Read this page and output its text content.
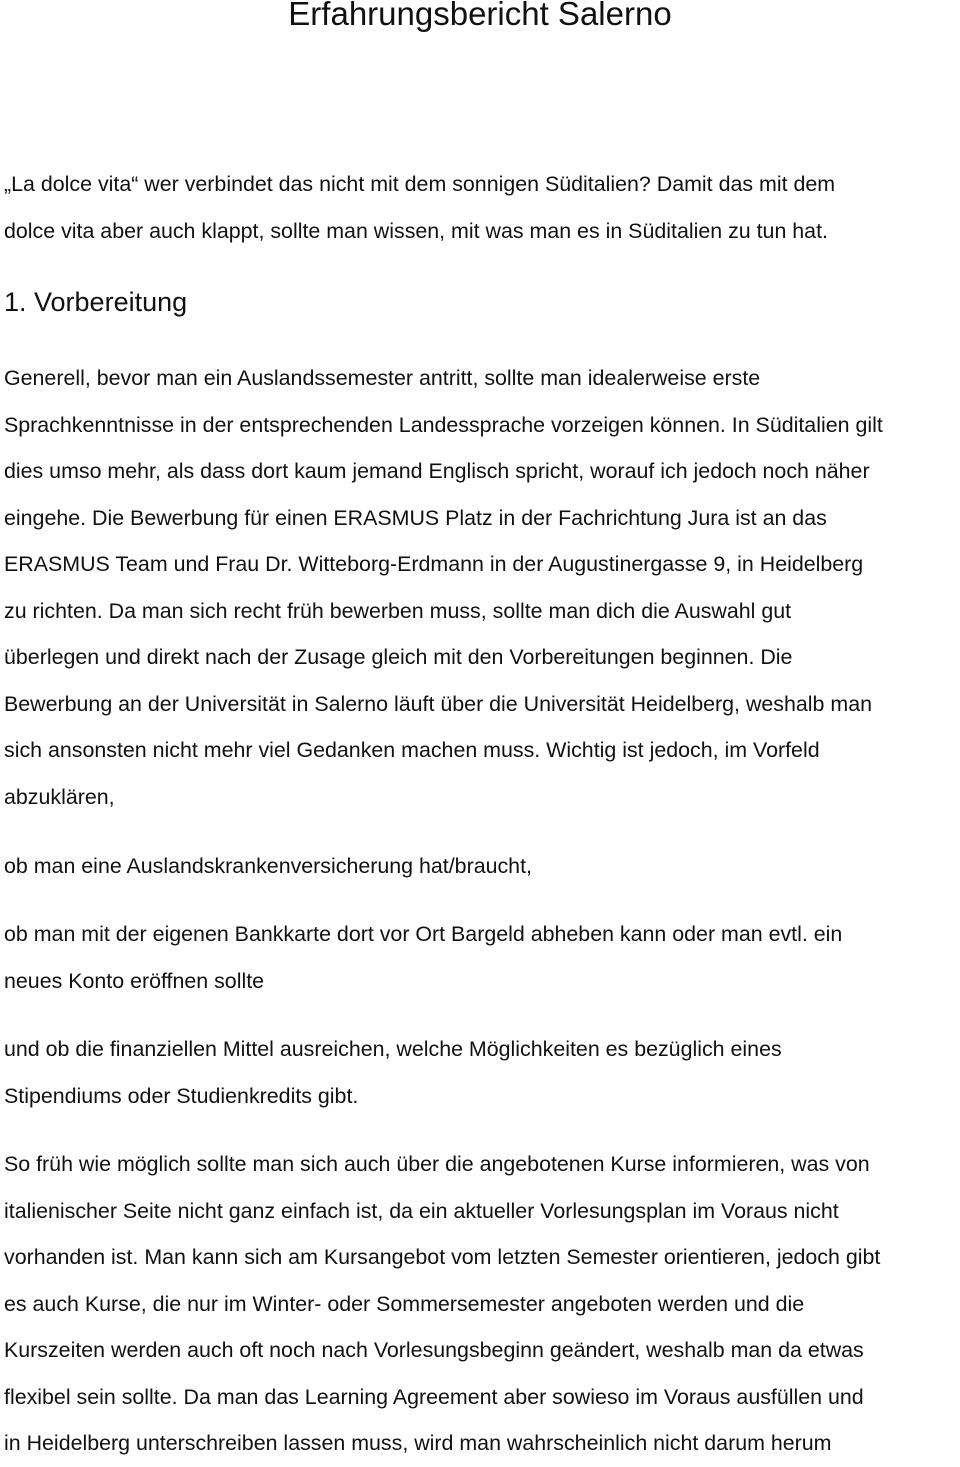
Erfahrungsbericht Salerno

„La dolce vita“ wer verbindet das nicht mit dem sonnigen Süditalien? Damit das mit dem
dolce vita aber auch klappt, sollte man wissen, mit was man es in Süditalien zu tun hat.

1. Vorbereitung

Generell, bevor man ein Auslandssemester antritt, sollte man idealerweise erste
Sprachkenntnisse in der entsprechenden Landessprache vorzeigen können. In Süditalien gilt
dies umso mehr, als dass dort kaum jemand Englisch spricht, worauf ich jedoch noch näher
eingehe. Die Bewerbung für einen ERASMUS Platz in der Fachrichtung Jura ist an das
ERASMUS Team und Frau Dr. Witteborg-Erdmann in der Augustinergasse 9, in Heidelberg
zu richten. Da man sich recht früh bewerben muss, sollte man dich die Auswahl gut
überlegen und direkt nach der Zusage gleich mit den Vorbereitungen beginnen. Die
Bewerbung an der Universität in Salerno läuft über die Universität Heidelberg, weshalb man
sich ansonsten nicht mehr viel Gedanken machen muss. Wichtig ist jedoch, im Vorfeld
abzuklären,

ob man eine Auslandskrankenversicherung hat/braucht,

ob man mit der eigenen Bankkarte dort vor Ort Bargeld abheben kann oder man evtl. ein
neues Konto eröffnen sollte

und ob die finanziellen Mittel ausreichen, welche Möglichkeiten es bezüglich eines
Stipendiums oder Studienkredits gibt.

So früh wie möglich sollte man sich auch über die angebotenen Kurse informieren, was von
italienischer Seite nicht ganz einfach ist, da ein aktueller Vorlesungsplan im Voraus nicht
vorhanden ist. Man kann sich am Kursangebot vom letzten Semester orientieren, jedoch gibt
es auch Kurse, die nur im Winter- oder Sommersemester angeboten werden und die
Kurszeiten werden auch oft noch nach Vorlesungsbeginn geändert, weshalb man da etwas
flexibel sein sollte. Da man das Learning Agreement aber sowieso im Voraus ausfüllen und
in Heidelberg unterschreiben lassen muss, wird man wahrscheinlich nicht darum herum
